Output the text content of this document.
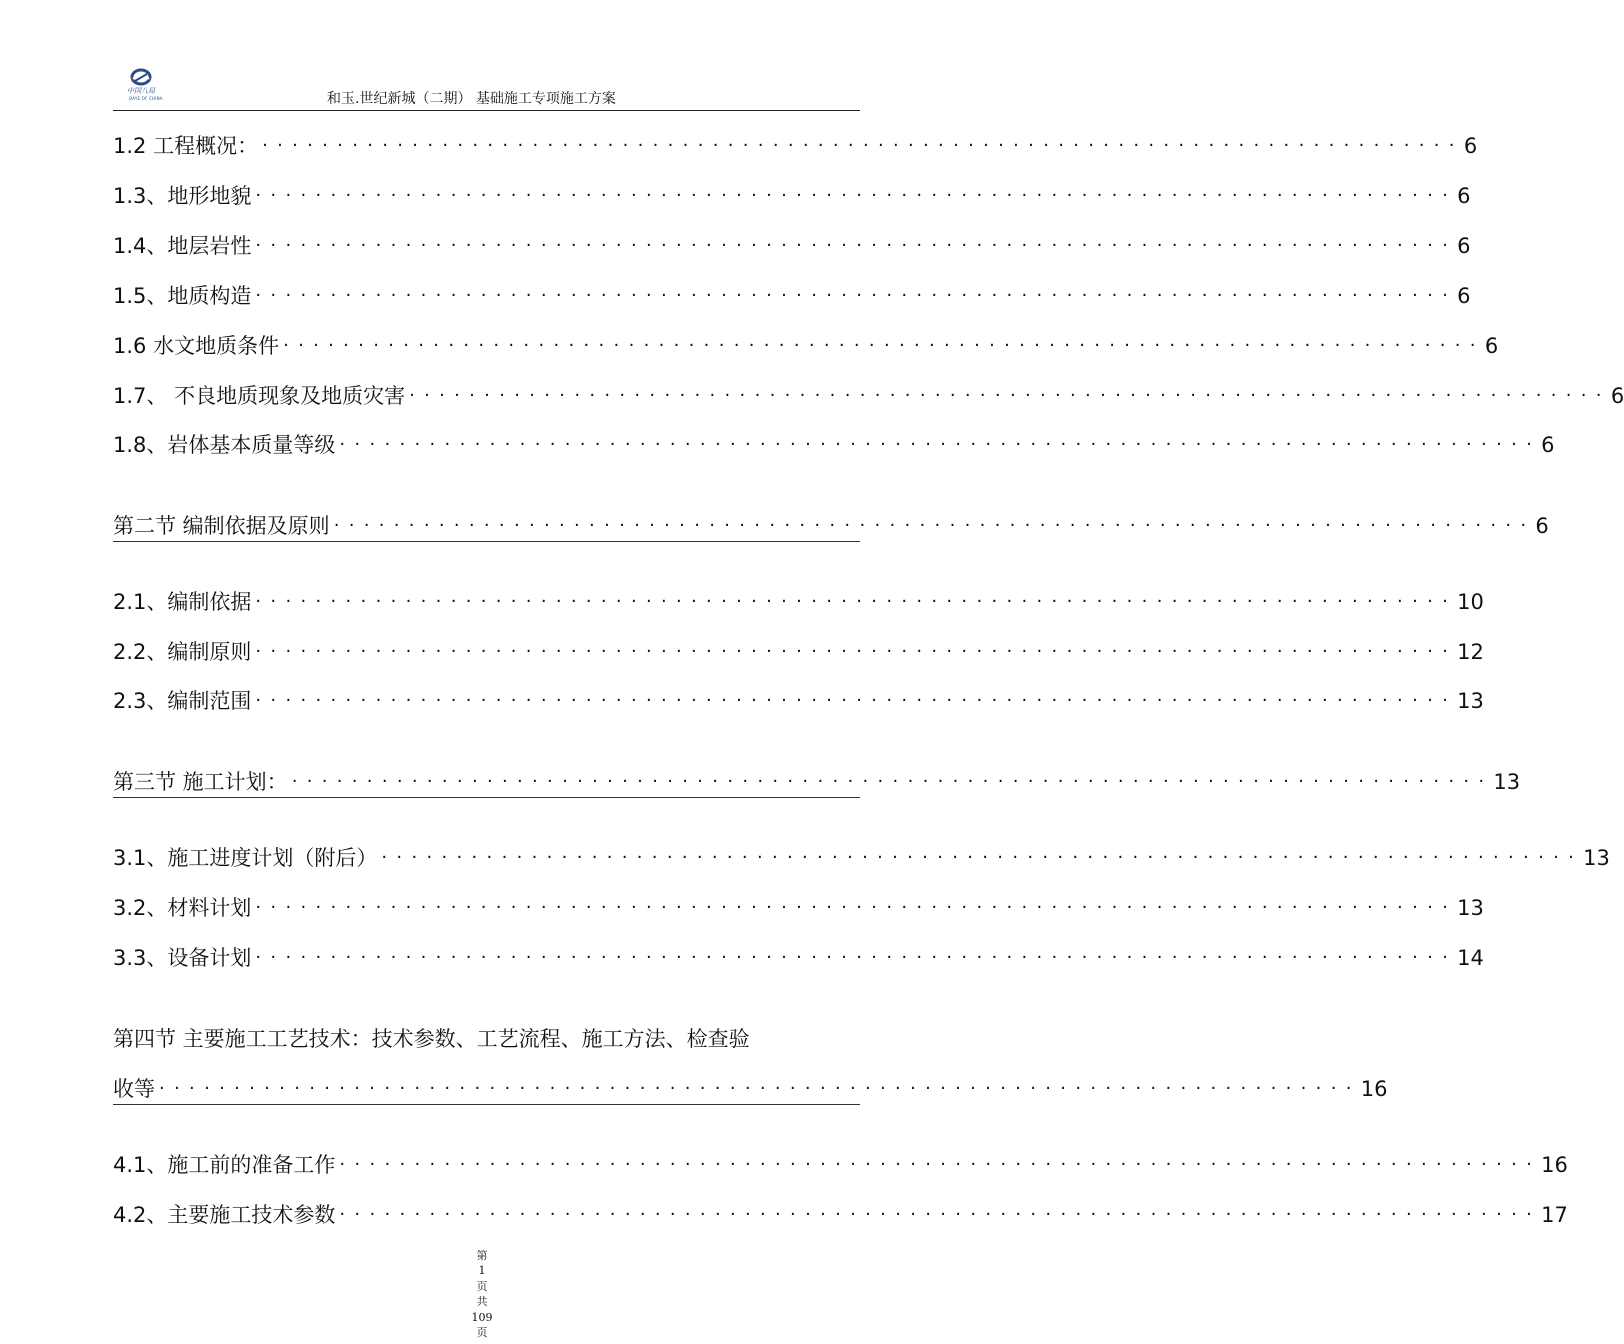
中国八局
BAYE OF CHINA	和玉.世纪新城（二期） 基础施工专项施工方案
1.2 工程概况： ················································································ 6
1.3、地形地貌 ················································································ 6
1.4、地层岩性 ················································································ 6
1.5、地质构造 ················································································ 6
1.6 水文地质条件 ················································································ 6
1.7、 不良地质现象及地质灾害 ················································································ 6
1.8、岩体基本质量等级 ················································································ 6
第二节 编制依据及原则 ················································································ 6
2.1、编制依据 ················································································ 10
2.2、编制原则 ················································································ 12
2.3、编制范围 ················································································ 13
第三节 施工计划： ················································································ 13
3.1、施工进度计划（附后） ················································································ 13
3.2、材料计划 ················································································ 13
3.3、设备计划 ················································································ 14
第四节 主要施工工艺技术：技术参数、工艺流程、施工方法、检查验
收等 ················································································ 16
4.1、施工前的准备工作 ················································································ 16
4.2、主要施工技术参数 ················································································ 17
第
1
页
共
109
页
